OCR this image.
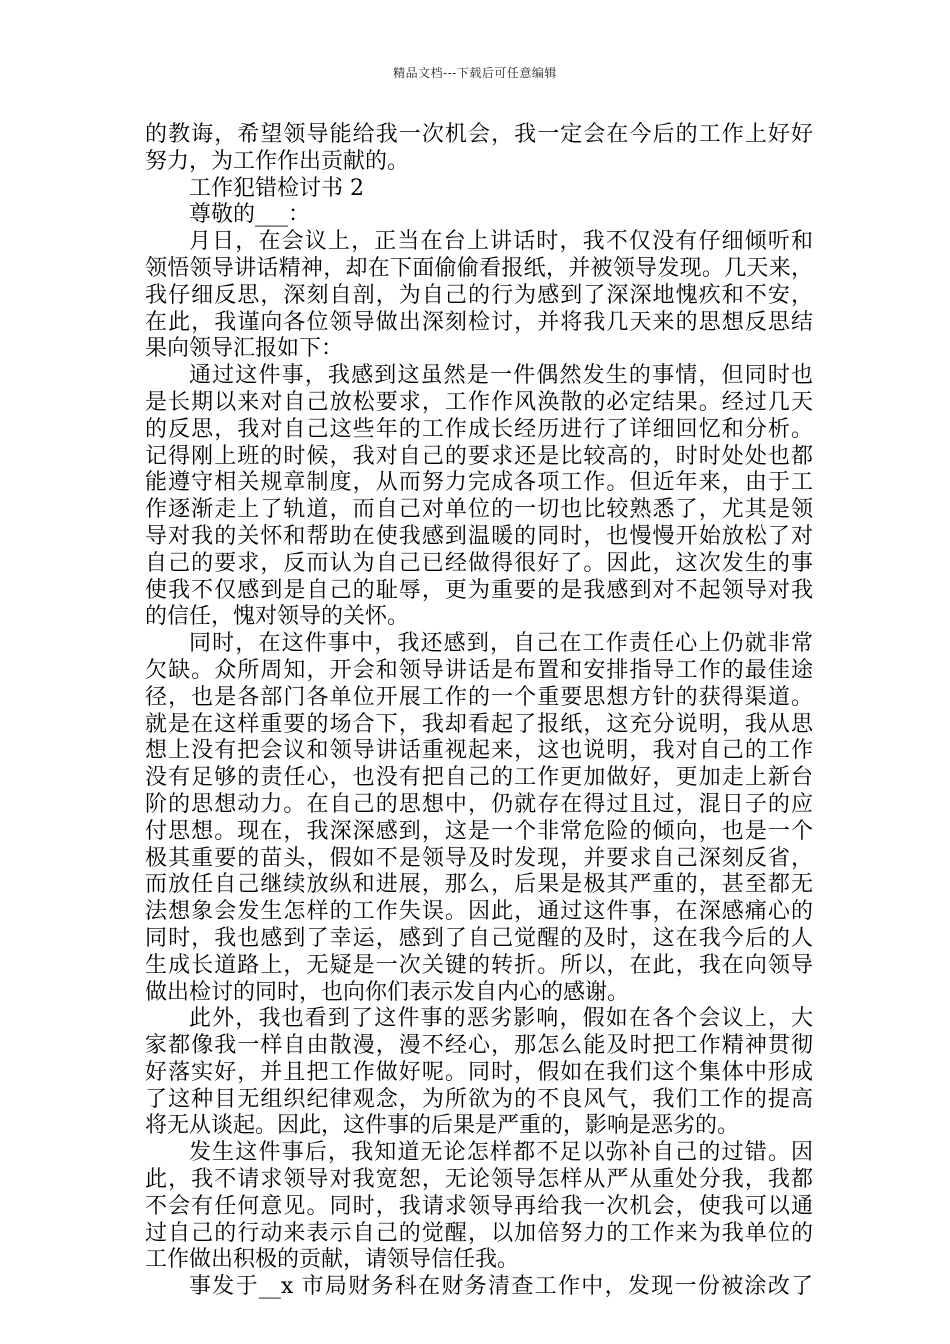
精品文档---下载后可任意编辑
的教诲，希望领导能给我一次机会，我一定会在今后的工作上好好
努力，为工作作出贡献的。
工作犯错检讨书 2
尊敬的___：
月日，在会议上，正当在台上讲话时，我不仅没有仔细倾听和
领悟领导讲话精神，却在下面偷偷看报纸，并被领导发现。几天来，
我仔细反思，深刻自剖，为自己的行为感到了深深地愧疚和不安，
在此，我谨向各位领导做出深刻检讨，并将我几天来的思想反思结
果向领导汇报如下：
通过这件事，我感到这虽然是一件偶然发生的事情，但同时也
是长期以来对自己放松要求，工作作风涣散的必定结果。经过几天
的反思，我对自己这些年的工作成长经历进行了详细回忆和分析。
记得刚上班的时候，我对自己的要求还是比较高的，时时处处也都
能遵守相关规章制度，从而努力完成各项工作。但近年来，由于工
作逐渐走上了轨道，而自己对单位的一切也比较熟悉了，尤其是领
导对我的关怀和帮助在使我感到温暖的同时，也慢慢开始放松了对
自己的要求，反而认为自己已经做得很好了。因此，这次发生的事
使我不仅感到是自己的耻辱，更为重要的是我感到对不起领导对我
的信任，愧对领导的关怀。
同时，在这件事中，我还感到，自己在工作责任心上仍就非常
欠缺。众所周知，开会和领导讲话是布置和安排指导工作的最佳途
径，也是各部门各单位开展工作的一个重要思想方针的获得渠道。
就是在这样重要的场合下，我却看起了报纸，这充分说明，我从思
想上没有把会议和领导讲话重视起来，这也说明，我对自己的工作
没有足够的责任心，也没有把自己的工作更加做好，更加走上新台
阶的思想动力。在自己的思想中，仍就存在得过且过，混日子的应
付思想。现在，我深深感到，这是一个非常危险的倾向，也是一个
极其重要的苗头，假如不是领导及时发现，并要求自己深刻反省，
而放任自己继续放纵和进展，那么，后果是极其严重的，甚至都无
法想象会发生怎样的工作失误。因此，通过这件事，在深感痛心的
同时，我也感到了幸运，感到了自己觉醒的及时，这在我今后的人
生成长道路上，无疑是一次关键的转折。所以，在此，我在向领导
做出检讨的同时，也向你们表示发自内心的感谢。
此外，我也看到了这件事的恶劣影响，假如在各个会议上，大
家都像我一样自由散漫，漫不经心，那怎么能及时把工作精神贯彻
好落实好，并且把工作做好呢。同时，假如在我们这个集体中形成
了这种目无组织纪律观念，为所欲为的不良风气，我们工作的提高
将无从谈起。因此，这件事的后果是严重的，影响是恶劣的。
发生这件事后，我知道无论怎样都不足以弥补自己的过错。因
此，我不请求领导对我宽恕，无论领导怎样从严从重处分我，我都
不会有任何意见。同时，我请求领导再给我一次机会，使我可以通
过自己的行动来表示自己的觉醒，以加倍努力的工作来为我单位的
工作做出积极的贡献，请领导信任我。
事发于__x 市局财务科在财务清查工作中，发现一份被涂改了
